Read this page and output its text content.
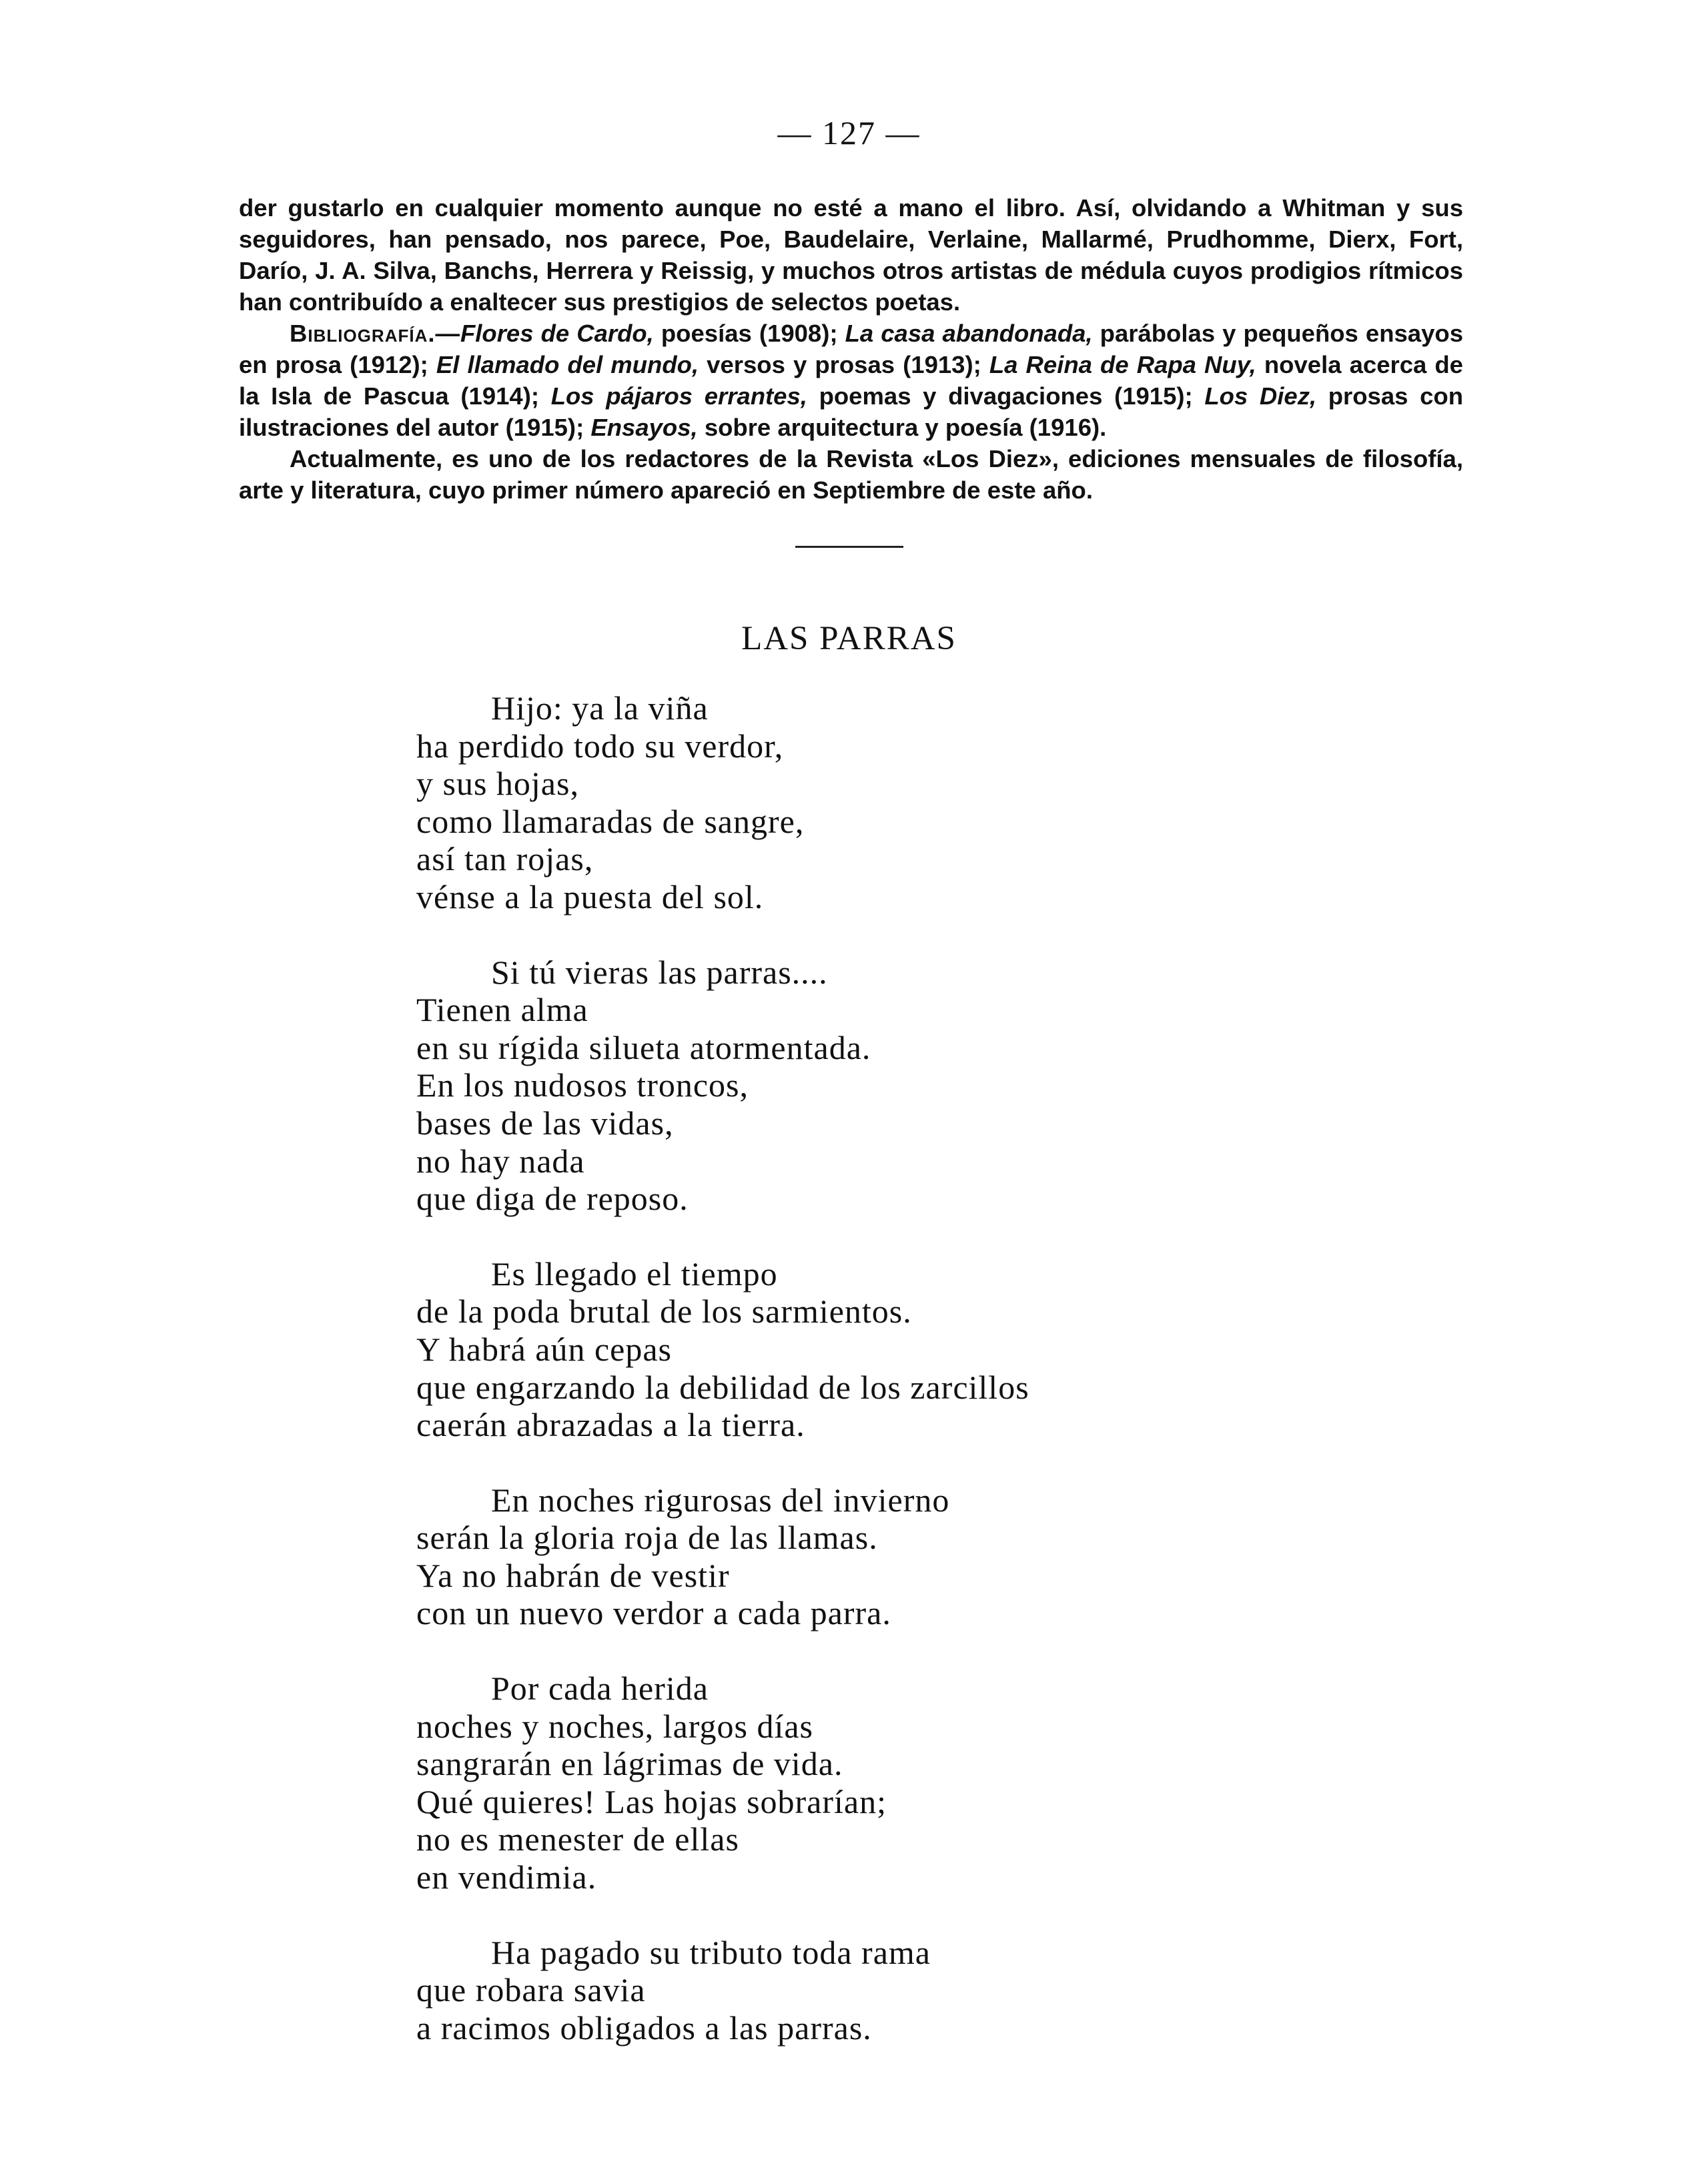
— 127 —

der gustarlo en cualquier momento aunque no esté a mano el libro. Así, olvidando a Whitman y sus seguidores, han pensado, nos parece, Poe, Baudelaire, Verlaine, Mallarmé, Prudhomme, Dierx, Fort, Darío, J. A. Silva, Banchs, Herrera y Reissig, y muchos otros artistas de médula cuyos prodigios rítmicos han contribuído a enaltecer sus prestigios de selectos poetas.

Bibliografía.—Flores de Cardo, poesías (1908); La casa abandonada, parábolas y pequeños ensayos en prosa (1912); El llamado del mundo, versos y prosas (1913); La Reina de Rapa Nuy, novela acerca de la Isla de Pascua (1914); Los pájaros errantes, poemas y divagaciones (1915); Los Diez, prosas con ilustraciones del autor (1915); Ensayos, sobre arquitectura y poesía (1916).

Actualmente, es uno de los redactores de la Revista «Los Diez», ediciones mensuales de filosofía, arte y literatura, cuyo primer número apareció en Septiembre de este año.

LAS PARRAS
Hijo: ya la viña
ha perdido todo su verdor,
y sus hojas,
como llamaradas de sangre,
así tan rojas,
vénse a la puesta del sol.
Si tú vieras las parras....
Tienen alma
en su rígida silueta atormentada.
En los nudosos troncos,
bases de las vidas,
no hay nada
que diga de reposo.
Es llegado el tiempo
de la poda brutal de los sarmientos.
Y habrá aún cepas
que engarzando la debilidad de los zarcillos
caerán abrazadas a la tierra.
En noches rigurosas del invierno
serán la gloria roja de las llamas.
Ya no habrán de vestir
con un nuevo verdor a cada parra.
Por cada herida
noches y noches, largos días
sangrarán en lágrimas de vida.
Qué quieres! Las hojas sobrarían;
no es menester de ellas
en vendimia.
Ha pagado su tributo toda rama
que robara savia
a racimos obligados a las parras.
